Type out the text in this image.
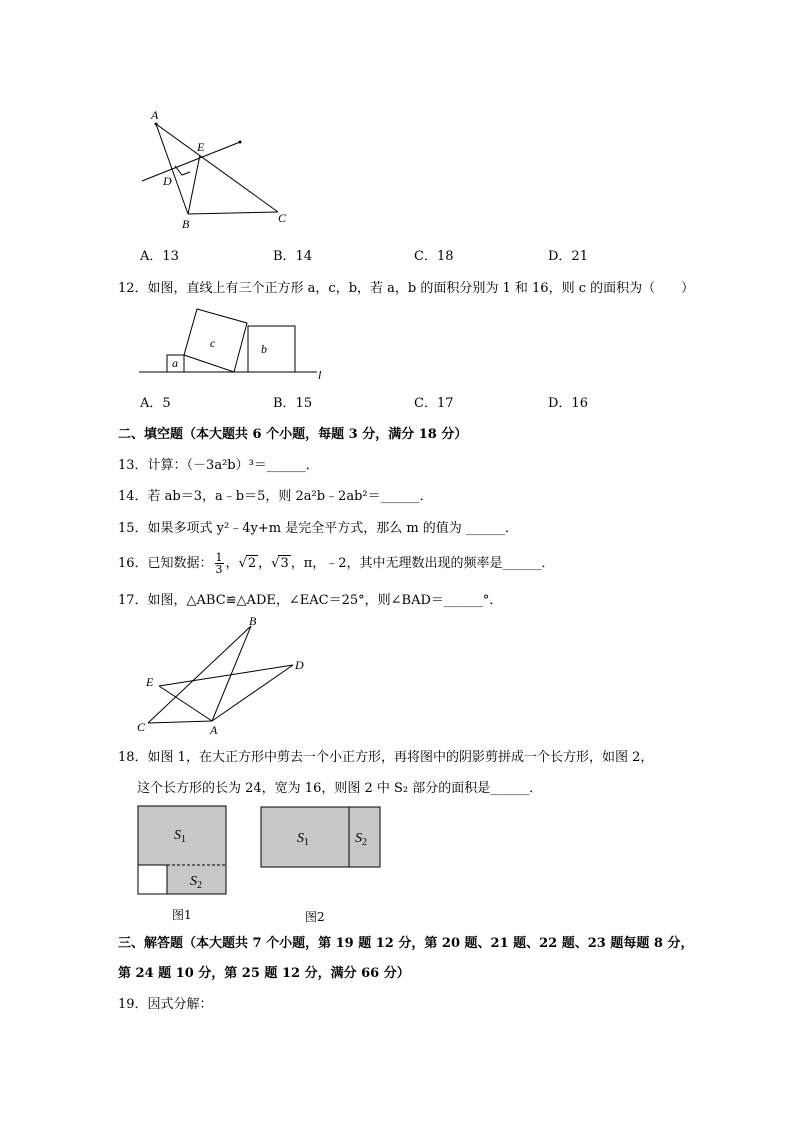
A
E
D
B	C
A．13	B．14	C．18	D．21
12．如图，直线上有三个正方形 a，c，b，若 a，b 的面积分别为 1 和 16，则 c 的面积为（　　）
a
c	b
l
A．5	B．15	C．17	D．16
二、填空题（本大题共 6 个小题，每题 3 分，满分 18 分）
13．计算：（－3a²b）³＝______．
14．若 ab＝3，a﹣b＝5，则 2a²b﹣2ab²＝______．
15．如果多项式 y²﹣4y+m 是完全平方式，那么 m 的值为 ______．
16．已知数据： $\frac{1}{3}$ ，√2 ，√3 ，π，﹣2，其中无理数出现的频率是______．
17．如图，△ABC≌△ADE，∠EAC＝25°，则∠BAD＝______°．
B
D
E
C	A
18．如图 1，在大正方形中剪去一个小正方形，再将图中的阴影剪拼成一个长方形，如图 2，
这个长方形的长为 24，宽为 16，则图 2 中 S₂ 部分的面积是______．
$S_1$
$S_2$
图1
$S_1$	$S_2$
图2
三、解答题（本大题共 7 个小题，第 19 题 12 分，第 20 题、21 题、22 题、23 题每题 8 分，
第 24 题 10 分，第 25 题 12 分，满分 66 分）
19．因式分解：
